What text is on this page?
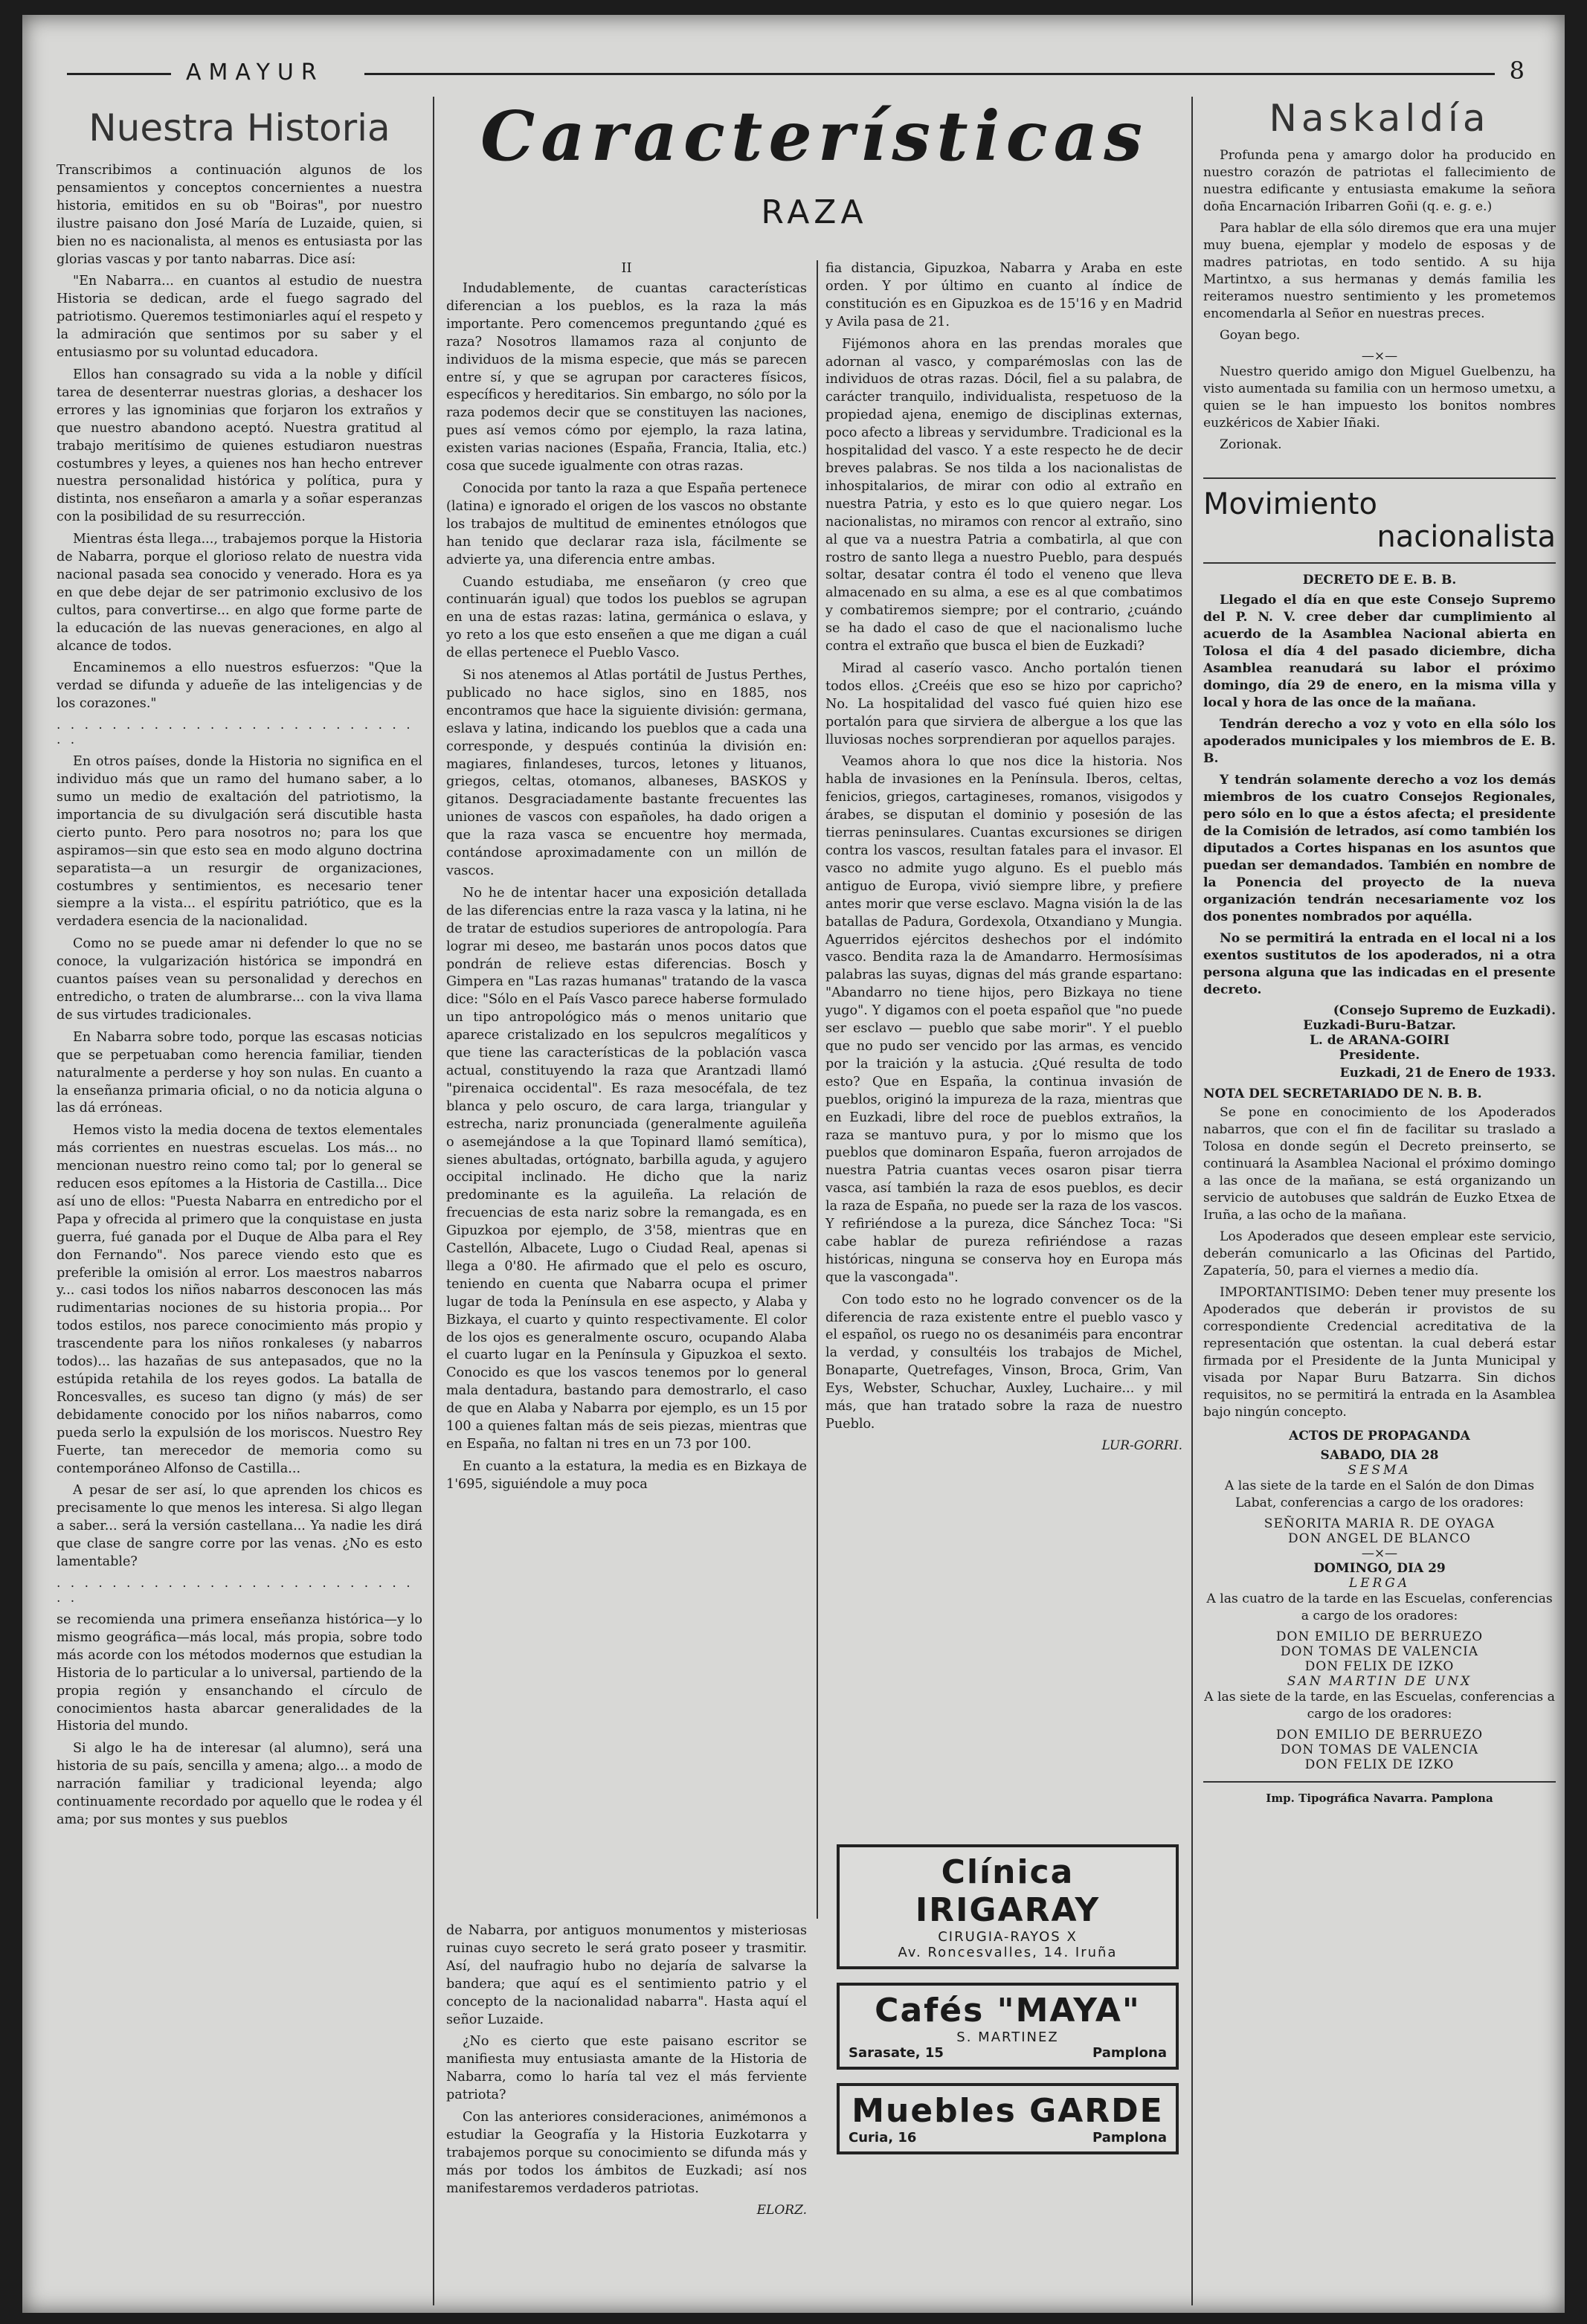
AMAYUR	8
Nuestra Historia

Transcribimos a continuación algunos de los pensamientos y conceptos concernientes a nuestra historia, emitidos en su ob "Boiras", por nuestro ilustre paisano don José María de Luzaide, quien, si bien no es nacionalista, al menos es entusiasta por las glorias vascas y por tanto nabarras. Dice así:

"En Nabarra... en cuantos al estudio de nuestra Historia se dedican, arde el fuego sagrado del patriotismo. Queremos testimoniarles aquí el respeto y la admiración que sentimos por su saber y el entusiasmo por su voluntad educadora.

Ellos han consagrado su vida a la noble y difícil tarea de desenterrar nuestras glorias, a deshacer los errores y las ignominias que forjaron los extraños y que nuestro abandono aceptó. Nuestra gratitud al trabajo meritísimo de quienes estudiaron nuestras costumbres y leyes, a quienes nos han hecho entrever nuestra personalidad histórica y política, pura y distinta, nos enseñaron a amarla y a soñar esperanzas con la posibilidad de su resurrección.

Mientras ésta llega..., trabajemos porque la Historia de Nabarra, porque el glorioso relato de nuestra vida nacional pasada sea conocido y venerado. Hora es ya en que debe dejar de ser patrimonio exclusivo de los cultos, para convertirse... en algo que forme parte de la educación de las nuevas generaciones, en algo al alcance de todos.

Encaminemos a ello nuestros esfuerzos: "Que la verdad se difunda y adueñe de las inteligencias y de los corazones."

. . . . . . . . . . . . . . . . . . . . . . . . . . . .

En otros países, donde la Historia no significa en el individuo más que un ramo del humano saber, a lo sumo un medio de exaltación del patriotismo, la importancia de su divulgación será discutible hasta cierto punto. Pero para nosotros no; para los que aspiramos—sin que esto sea en modo alguno doctrina separatista—a un resurgir de organizaciones, costumbres y sentimientos, es necesario tener siempre a la vista... el espíritu patriótico, que es la verdadera esencia de la nacionalidad.

Como no se puede amar ni defender lo que no se conoce, la vulgarización histórica se impondrá en cuantos países vean su personalidad y derechos en entredicho, o traten de alumbrarse... con la viva llama de sus virtudes tradicionales.

En Nabarra sobre todo, porque las escasas noticias que se perpetuaban como herencia familiar, tienden naturalmente a perderse y hoy son nulas. En cuanto a la enseñanza primaria oficial, o no da noticia alguna o las dá erróneas.

Hemos visto la media docena de textos elementales más corrientes en nuestras escuelas. Los más... no mencionan nuestro reino como tal; por lo general se reducen esos epítomes a la Historia de Castilla... Dice así uno de ellos: "Puesta Nabarra en entredicho por el Papa y ofrecida al primero que la conquistase en justa guerra, fué ganada por el Duque de Alba para el Rey don Fernando". Nos parece viendo esto que es preferible la omisión al error. Los maestros nabarros y... casi todos los niños nabarros desconocen las más rudimentarias nociones de su historia propia... Por todos estilos, nos parece conocimiento más propio y trascendente para los niños ronkaleses (y nabarros todos)... las hazañas de sus antepasados, que no la estúpida retahila de los reyes godos. La batalla de Roncesvalles, es suceso tan digno (y más) de ser debidamente conocido por los niños nabarros, como pueda serlo la expulsión de los moriscos. Nuestro Rey Fuerte, tan merecedor de memoria como su contemporáneo Alfonso de Castilla...

A pesar de ser así, lo que aprenden los chicos es precisamente lo que menos les interesa. Si algo llegan a saber... será la versión castellana... Ya nadie les dirá que clase de sangre corre por las venas. ¿No es esto lamentable?

. . . . . . . . . . . . . . . . . . . . . . . . . . . .

se recomienda una primera enseñanza histórica—y lo mismo geográfica—más local, más propia, sobre todo más acorde con los métodos modernos que estudian la Historia de lo particular a lo universal, partiendo de la propia región y ensanchando el círculo de conocimientos hasta abarcar generalidades de la Historia del mundo.

Si algo le ha de interesar (al alumno), será una historia de su país, sencilla y amena; algo... a modo de narración familiar y tradicional leyenda; algo continuamente recordado por aquello que le rodea y él ama; por sus montes y sus pueblos

Características
RAZA
II

Indudablemente, de cuantas características diferencian a los pueblos, es la raza la más importante. Pero comencemos preguntando ¿qué es raza? Nosotros llamamos raza al conjunto de individuos de la misma especie, que más se parecen entre sí, y que se agrupan por caracteres físicos, específicos y hereditarios. Sin embargo, no sólo por la raza podemos decir que se constituyen las naciones, pues así vemos cómo por ejemplo, la raza latina, existen varias naciones (España, Francia, Italia, etc.) cosa que sucede igualmente con otras razas.

Conocida por tanto la raza a que España pertenece (latina) e ignorado el origen de los vascos no obstante los trabajos de multitud de eminentes etnólogos que han tenido que declarar raza isla, fácilmente se advierte ya, una diferencia entre ambas.

Cuando estudiaba, me enseñaron (y creo que continuarán igual) que todos los pueblos se agrupan en una de estas razas: latina, germánica o eslava, y yo reto a los que esto enseñen a que me digan a cuál de ellas pertenece el Pueblo Vasco.

Si nos atenemos al Atlas portátil de Justus Perthes, publicado no hace siglos, sino en 1885, nos encontramos que hace la siguiente división: germana, eslava y latina, indicando los pueblos que a cada una corresponde, y después continúa la división en: magiares, finlandeses, turcos, letones y lituanos, griegos, celtas, otomanos, albaneses, BASKOS y gitanos. Desgraciadamente bastante frecuentes las uniones de vascos con españoles, ha dado origen a que la raza vasca se encuentre hoy mermada, contándose aproximadamente con un millón de vascos.

No he de intentar hacer una exposición detallada de las diferencias entre la raza vasca y la latina, ni he de tratar de estudios superiores de antropología. Para lograr mi deseo, me bastarán unos pocos datos que pondrán de relieve estas diferencias. Bosch y Gimpera en "Las razas humanas" tratando de la vasca dice: "Sólo en el País Vasco parece haberse formulado un tipo antropológico más o menos unitario que aparece cristalizado en los sepulcros megalíticos y que tiene las características de la población vasca actual, constituyendo la raza que Arantzadi llamó "pirenaica occidental". Es raza mesocéfala, de tez blanca y pelo oscuro, de cara larga, triangular y estrecha, nariz pronunciada (generalmente aguileña o asemejándose a la que Topinard llamó semítica), sienes abultadas, ortógnato, barbilla aguda, y agujero occipital inclinado. He dicho que la nariz predominante es la aguileña. La relación de frecuencias de esta nariz sobre la remangada, es en Gipuzkoa por ejemplo, de 3'58, mientras que en Castellón, Albacete, Lugo o Ciudad Real, apenas si llega a 0'80. He afirmado que el pelo es oscuro, teniendo en cuenta que Nabarra ocupa el primer lugar de toda la Península en ese aspecto, y Alaba y Bizkaya, el cuarto y quinto respectivamente. El color de los ojos es generalmente oscuro, ocupando Alaba el cuarto lugar en la Península y Gipuzkoa el sexto. Conocido es que los vascos tenemos por lo general mala dentadura, bastando para demostrarlo, el caso de que en Alaba y Nabarra por ejemplo, es un 15 por 100 a quienes faltan más de seis piezas, mientras que en España, no faltan ni tres en un 73 por 100.

En cuanto a la estatura, la media es en Bizkaya de 1'695, siguiéndole a muy poca

fia distancia, Gipuzkoa, Nabarra y Araba en este orden. Y por último en cuanto al índice de constitución es en Gipuzkoa es de 15'16 y en Madrid y Avila pasa de 21.

Fijémonos ahora en las prendas morales que adornan al vasco, y comparémoslas con las de individuos de otras razas. Dócil, fiel a su palabra, de carácter tranquilo, individualista, respetuoso de la propiedad ajena, enemigo de disciplinas externas, poco afecto a libreas y servidumbre. Tradicional es la hospitalidad del vasco. Y a este respecto he de decir breves palabras. Se nos tilda a los nacionalistas de inhospitalarios, de mirar con odio al extraño en nuestra Patria, y esto es lo que quiero negar. Los nacionalistas, no miramos con rencor al extraño, sino al que va a nuestra Patria a combatirla, al que con rostro de santo llega a nuestro Pueblo, para después soltar, desatar contra él todo el veneno que lleva almacenado en su alma, a ese es al que combatimos y combatiremos siempre; por el contrario, ¿cuándo se ha dado el caso de que el nacionalismo luche contra el extraño que busca el bien de Euzkadi?

Mirad al caserío vasco. Ancho portalón tienen todos ellos. ¿Creéis que eso se hizo por capricho? No. La hospitalidad del vasco fué quien hizo ese portalón para que sirviera de albergue a los que las lluviosas noches sorprendieran por aquellos parajes.

Veamos ahora lo que nos dice la historia. Nos habla de invasiones en la Península. Iberos, celtas, fenicios, griegos, cartagineses, romanos, visigodos y árabes, se disputan el dominio y posesión de las tierras peninsulares. Cuantas excursiones se dirigen contra los vascos, resultan fatales para el invasor. El vasco no admite yugo alguno. Es el pueblo más antiguo de Europa, vivió siempre libre, y prefiere antes morir que verse esclavo. Magna visión la de las batallas de Padura, Gordexola, Otxandiano y Mungia. Aguerridos ejércitos deshechos por el indómito vasco. Bendita raza la de Amandarro. Hermosísimas palabras las suyas, dignas del más grande espartano: "Abandarro no tiene hijos, pero Bizkaya no tiene yugo". Y digamos con el poeta español que "no puede ser esclavo — pueblo que sabe morir". Y el pueblo que no pudo ser vencido por las armas, es vencido por la traición y la astucia. ¿Qué resulta de todo esto? Que en España, la continua invasión de pueblos, originó la impureza de la raza, mientras que en Euzkadi, libre del roce de pueblos extraños, la raza se mantuvo pura, y por lo mismo que los pueblos que dominaron España, fueron arrojados de nuestra Patria cuantas veces osaron pisar tierra vasca, así también la raza de esos pueblos, es decir la raza de España, no puede ser la raza de los vascos. Y refiriéndose a la pureza, dice Sánchez Toca: "Si cabe hablar de pureza refiriéndose a razas históricas, ninguna se conserva hoy en Europa más que la vascongada".

Con todo esto no he logrado convencer os de la diferencia de raza existente entre el pueblo vasco y el español, os ruego no os desaniméis para encontrar la verdad, y consultéis los trabajos de Michel, Bonaparte, Quetrefages, Vinson, Broca, Grim, Van Eys, Webster, Schuchar, Auxley, Luchaire... y mil más, que han tratado sobre la raza de nuestro Pueblo.

LUR-GORRI.

de Nabarra, por antiguos monumentos y misteriosas ruinas cuyo secreto le será grato poseer y trasmitir. Así, del naufragio hubo no dejaría de salvarse la bandera; que aquí es el sentimiento patrio y el concepto de la nacionalidad nabarra". Hasta aquí el señor Luzaide.

¿No es cierto que este paisano escritor se manifiesta muy entusiasta amante de la Historia de Nabarra, como lo haría tal vez el más ferviente patriota?

Con las anteriores consideraciones, animémonos a estudiar la Geografía y la Historia Euzkotarra y trabajemos porque su conocimiento se difunda más y más por todos los ámbitos de Euzkadi; así nos manifestaremos verdaderos patriotas.

ELORZ.
Clínica IRIGARAY
CIRUGIA-RAYOS X
Av. Roncesvalles, 14. Iruña
Cafés "MAYA"
S. MARTINEZ
Sarasate, 15	Pamplona
Muebles GARDE
Curia, 16	Pamplona
Naskaldía

Profunda pena y amargo dolor ha producido en nuestro corazón de patriotas el fallecimiento de nuestra edificante y entusiasta emakume la señora doña Encarnación Iribarren Goñi (q. e. g. e.)

Para hablar de ella sólo diremos que era una mujer muy buena, ejemplar y modelo de esposas y de madres patriotas, en todo sentido. A su hija Martintxo, a sus hermanas y demás familia les reiteramos nuestro sentimiento y les prometemos encomendarla al Señor en nuestras preces.

Goyan bego.

—×—

Nuestro querido amigo don Miguel Guelbenzu, ha visto aumentada su familia con un hermoso umetxu, a quien se le han impuesto los bonitos nombres euzkéricos de Xabier Iñaki.

Zorionak.

Movimiento
nacionalista
DECRETO DE E. B. B.

Llegado el día en que este Consejo Supremo del P. N. V. cree deber dar cumplimiento al acuerdo de la Asamblea Nacional abierta en Tolosa el día 4 del pasado diciembre, dicha Asamblea reanudará su labor el próximo domingo, día 29 de enero, en la misma villa y local y hora de las once de la mañana.

Tendrán derecho a voz y voto en ella sólo los apoderados municipales y los miembros de E. B. B.

Y tendrán solamente derecho a voz los demás miembros de los cuatro Consejos Regionales, pero sólo en lo que a éstos afecta; el presidente de la Comisión de letrados, así como también los diputados a Cortes hispanas en los asuntos que puedan ser demandados. También en nombre de la Ponencia del proyecto de la nueva organización tendrán necesariamente voz los dos ponentes nombrados por aquélla.

No se permitirá la entrada en el local ni a los exentos sustitutos de los apoderados, ni a otra persona alguna que las indicadas en el presente decreto.

(Consejo Supremo de Euzkadi).
Euzkadi-Buru-Batzar.
L. de ARANA-GOIRI
Presidente.
Euzkadi, 21 de Enero de 1933.
NOTA DEL SECRETARIADO DE N. B. B.

Se pone en conocimiento de los Apoderados nabarros, que con el fin de facilitar su traslado a Tolosa en donde según el Decreto preinserto, se continuará la Asamblea Nacional el próximo domingo a las once de la mañana, se está organizando un servicio de autobuses que saldrán de Euzko Etxea de Iruña, a las ocho de la mañana.

Los Apoderados que deseen emplear este servicio, deberán comunicarlo a las Oficinas del Partido, Zapatería, 50, para el viernes a medio día.

IMPORTANTISIMO: Deben tener muy presente los Apoderados que deberán ir provistos de su correspondiente Credencial acreditativa de la representación que ostentan. la cual deberá estar firmada por el Presidente de la Junta Municipal y visada por Napar Buru Batzarra. Sin dichos requisitos, no se permitirá la entrada en la Asamblea bajo ningún concepto.

ACTOS DE PROPAGANDA
SABADO, DIA 28
SESMA

A las siete de la tarde en el Salón de don Dimas Labat, conferencias a cargo de los oradores:

SEÑORITA MARIA R. DE OYAGA
DON ANGEL DE BLANCO
—×—
DOMINGO, DIA 29
LERGA

A las cuatro de la tarde en las Escuelas, conferencias a cargo de los oradores:

DON EMILIO DE BERRUEZO
DON TOMAS DE VALENCIA
DON FELIX DE IZKO
SAN MARTIN DE UNX

A las siete de la tarde, en las Escuelas, conferencias a cargo de los oradores:

DON EMILIO DE BERRUEZO
DON TOMAS DE VALENCIA
DON FELIX DE IZKO
Imp. Tipográfica Navarra. Pamplona
